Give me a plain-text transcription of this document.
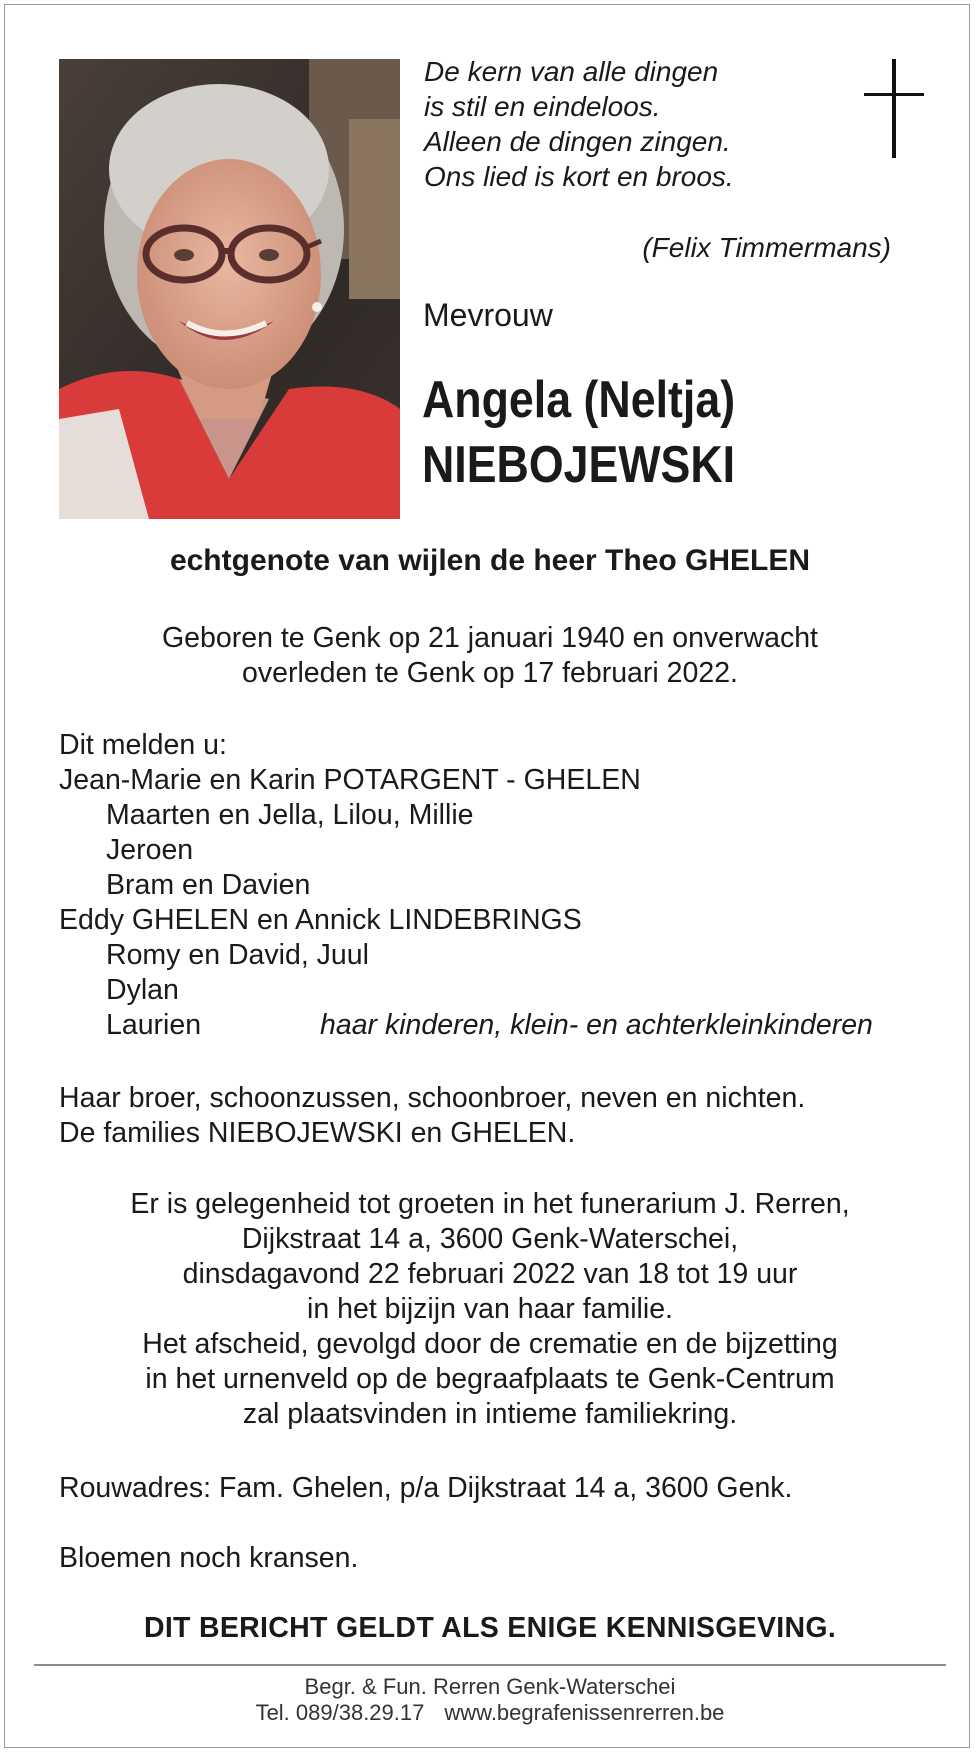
De kern van alle dingen
is stil en eindeloos.
Alleen de dingen zingen.
Ons lied is kort en broos.
(Felix Timmermans)
Mevrouw
Angela (Neltja)
NIEBOJEWSKI
echtgenote van wijlen de heer Theo GHELEN
Geboren te Genk op 21 januari 1940 en onverwacht
overleden te Genk op 17 februari 2022.
Dit melden u:
Jean-Marie en Karin POTARGENT - GHELEN
Maarten en Jella, Lilou, Millie
Jeroen
Bram en Davien
Eddy GHELEN en Annick LINDEBRINGS
Romy en David, Juul
Dylan
Laurien	haar kinderen, klein- en achterkleinkinderen
Haar broer, schoonzussen, schoonbroer, neven en nichten.
De families NIEBOJEWSKI en GHELEN.
Er is gelegenheid tot groeten in het funerarium J. Rerren,
Dijkstraat 14 a, 3600 Genk-Waterschei,
dinsdagavond 22 februari 2022 van 18 tot 19 uur
in het bijzijn van haar familie.
Het afscheid, gevolgd door de crematie en de bijzetting
in het urnenveld op de begraafplaats te Genk-Centrum
zal plaatsvinden in intieme familiekring.
Rouwadres: Fam. Ghelen, p/a Dijkstraat 14 a, 3600 Genk.
Bloemen noch kransen.
DIT BERICHT GELDT ALS ENIGE KENNISGEVING.
Begr. & Fun. Rerren Genk-Waterschei
Tel. 089/38.29.17 www.begrafenissenrerren.be
